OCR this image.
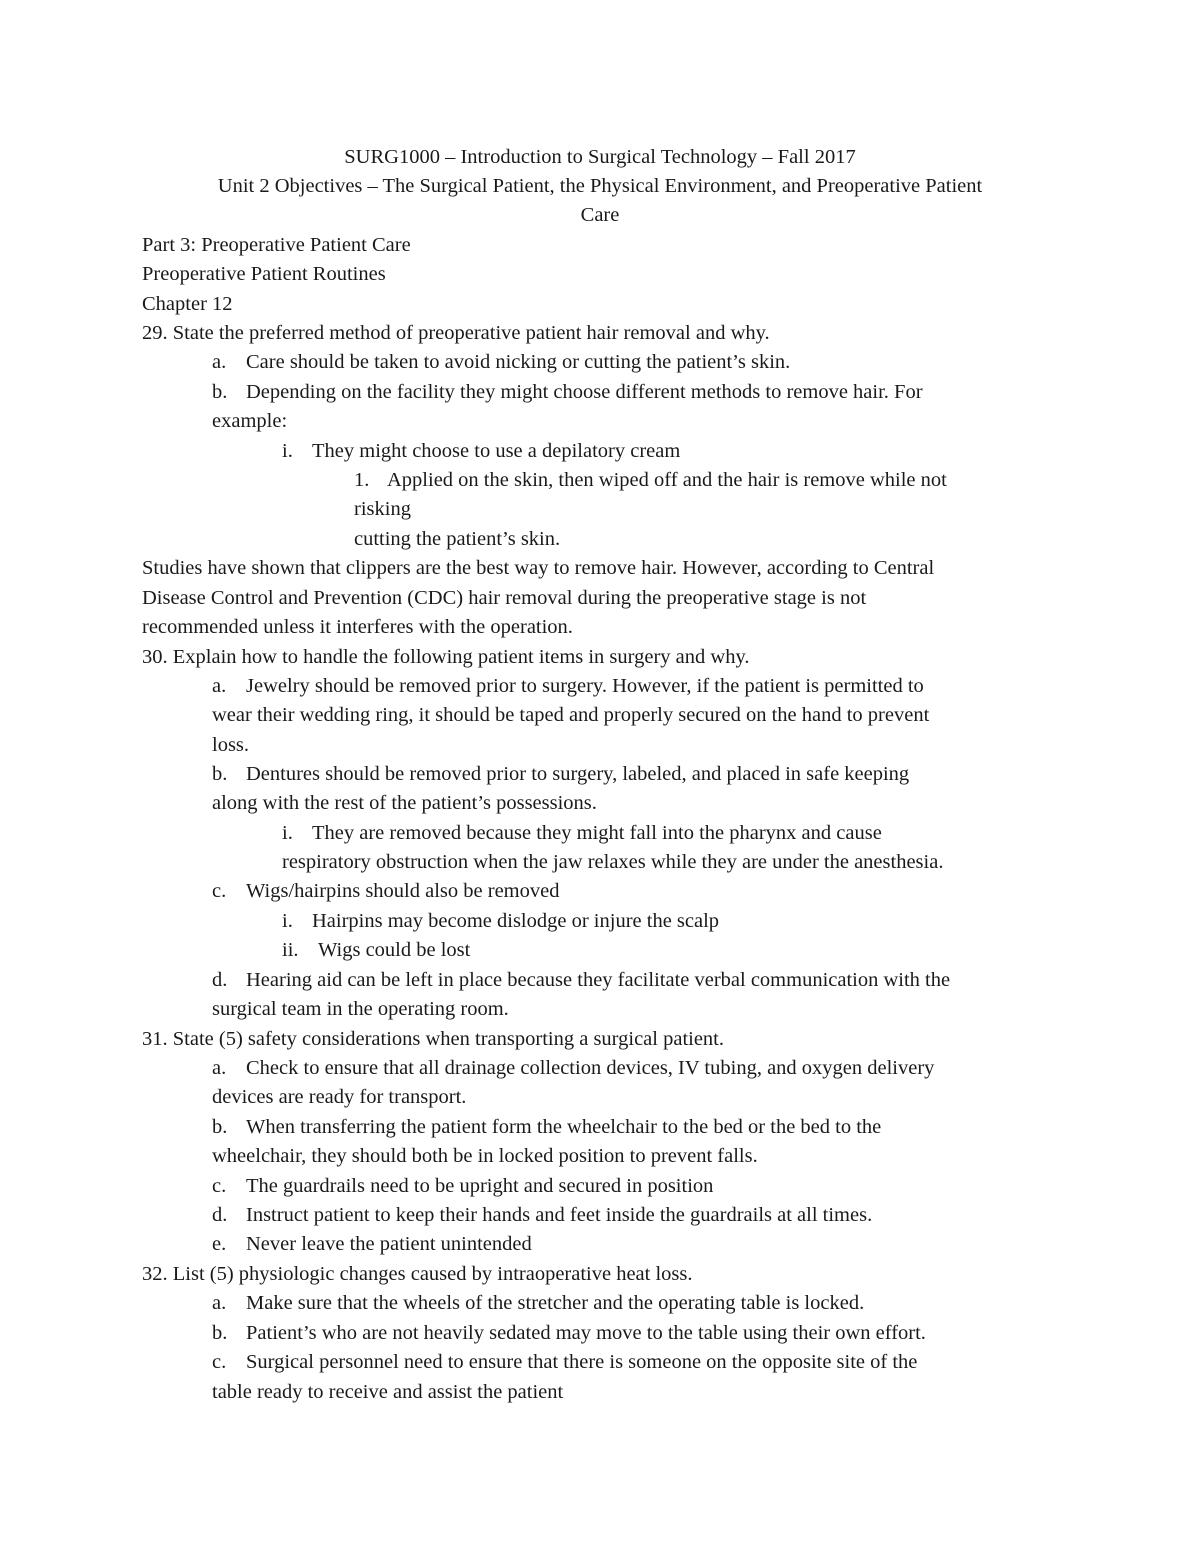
SURG1000 – Introduction to Surgical Technology – Fall 2017
Unit 2 Objectives – The Surgical Patient, the Physical Environment, and Preoperative Patient
Care
Part 3: Preoperative Patient Care
Preoperative Patient Routines
Chapter 12
29. State the preferred method of preoperative patient hair removal and why.
a. Care should be taken to avoid nicking or cutting the patient’s skin.
b. Depending on the facility they might choose different methods to remove hair. For
example:
i. They might choose to use a depilatory cream
1. Applied on the skin, then wiped off and the hair is remove while not
risking
cutting the patient’s skin.
Studies have shown that clippers are the best way to remove hair. However, according to Central
Disease Control and Prevention (CDC) hair removal during the preoperative stage is not
recommended unless it interferes with the operation.
30. Explain how to handle the following patient items in surgery and why.
a. Jewelry should be removed prior to surgery. However, if the patient is permitted to
wear their wedding ring, it should be taped and properly secured on the hand to prevent
loss.
b. Dentures should be removed prior to surgery, labeled, and placed in safe keeping
along with the rest of the patient’s possessions.
i. They are removed because they might fall into the pharynx and cause
respiratory obstruction when the jaw relaxes while they are under the anesthesia.
c. Wigs/hairpins should also be removed
i. Hairpins may become dislodge or injure the scalp
ii. Wigs could be lost
d. Hearing aid can be left in place because they facilitate verbal communication with the
surgical team in the operating room.
31. State (5) safety considerations when transporting a surgical patient.
a. Check to ensure that all drainage collection devices, IV tubing, and oxygen delivery
devices are ready for transport.
b. When transferring the patient form the wheelchair to the bed or the bed to the
wheelchair, they should both be in locked position to prevent falls.
c. The guardrails need to be upright and secured in position
d. Instruct patient to keep their hands and feet inside the guardrails at all times.
e. Never leave the patient unintended
32. List (5) physiologic changes caused by intraoperative heat loss.
a. Make sure that the wheels of the stretcher and the operating table is locked.
b. Patient’s who are not heavily sedated may move to the table using their own effort.
c. Surgical personnel need to ensure that there is someone on the opposite site of the
table ready to receive and assist the patient
